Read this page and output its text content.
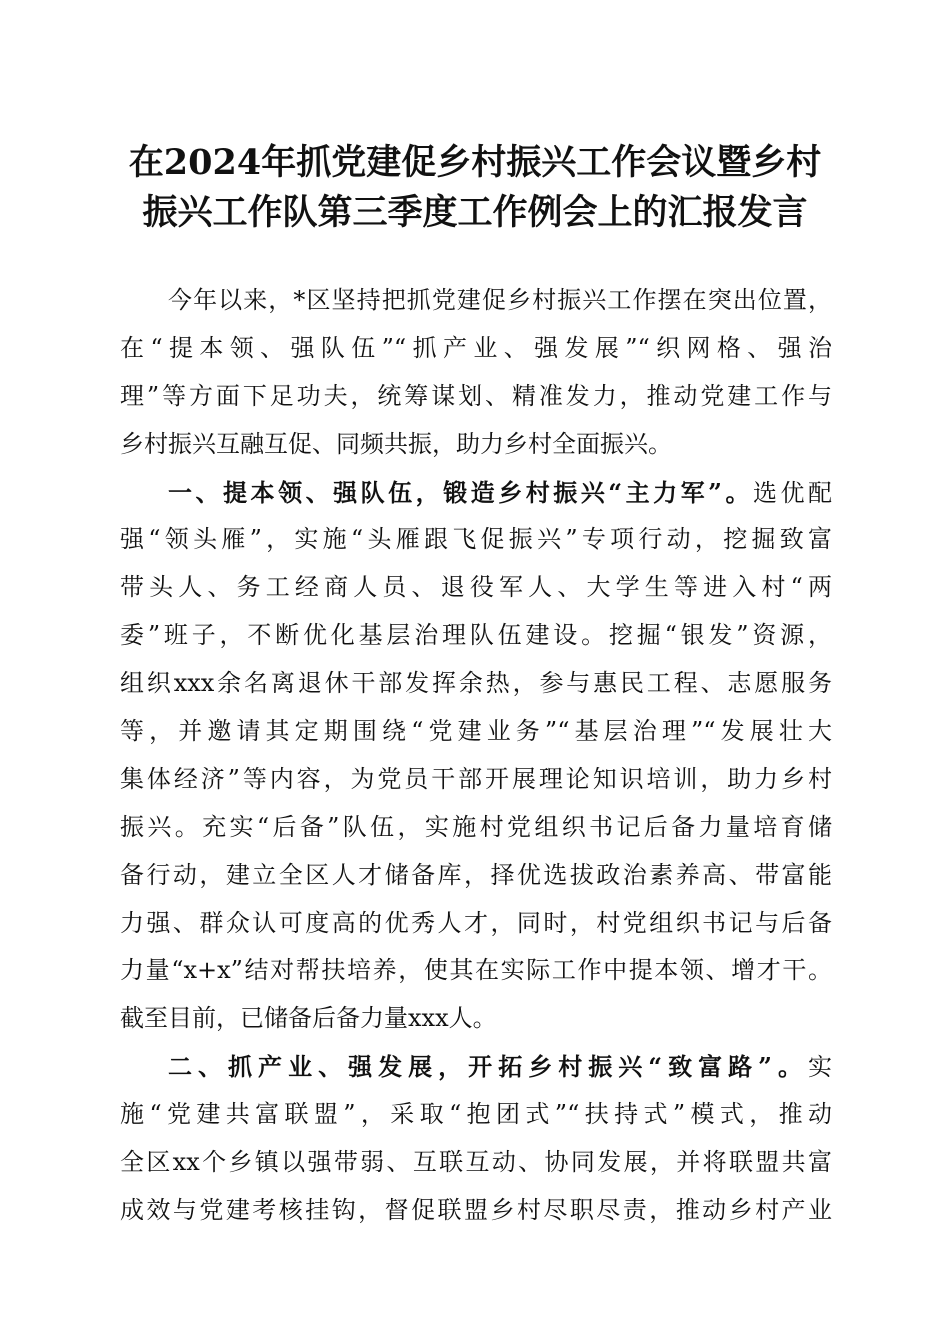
在2024年抓党建促乡村振兴工作会议暨乡村
振兴工作队第三季度工作例会上的汇报发言
今年以来，*区坚持把抓党建促乡村振兴工作摆在突出位置，
在“提本领、强队伍”“抓产业、强发展”“织网格、强治
理”等方面下足功夫，统筹谋划、精准发力，推动党建工作与
乡村振兴互融互促、同频共振，助力乡村全面振兴。
一、提本领、强队伍，锻造乡村振兴“主力军”。选优配
强“领头雁”，实施“头雁跟飞促振兴”专项行动，挖掘致富
带头人、务工经商人员、退役军人、大学生等进入村“两
委”班子，不断优化基层治理队伍建设。挖掘“银发”资源，
组织xxx余名离退休干部发挥余热，参与惠民工程、志愿服务
等，并邀请其定期围绕“党建业务”“基层治理”“发展壮大
集体经济”等内容，为党员干部开展理论知识培训，助力乡村
振兴。充实“后备”队伍，实施村党组织书记后备力量培育储
备行动，建立全区人才储备库，择优选拔政治素养高、带富能
力强、群众认可度高的优秀人才，同时，村党组织书记与后备
力量“x+x”结对帮扶培养，使其在实际工作中提本领、增才干。
截至目前，已储备后备力量xxx人。
二、抓产业、强发展，开拓乡村振兴“致富路”。实
施“党建共富联盟”，采取“抱团式”“扶持式”模式，推动
全区xx个乡镇以强带弱、互联互动、协同发展，并将联盟共富
成效与党建考核挂钩，督促联盟乡村尽职尽责，推动乡村产业
